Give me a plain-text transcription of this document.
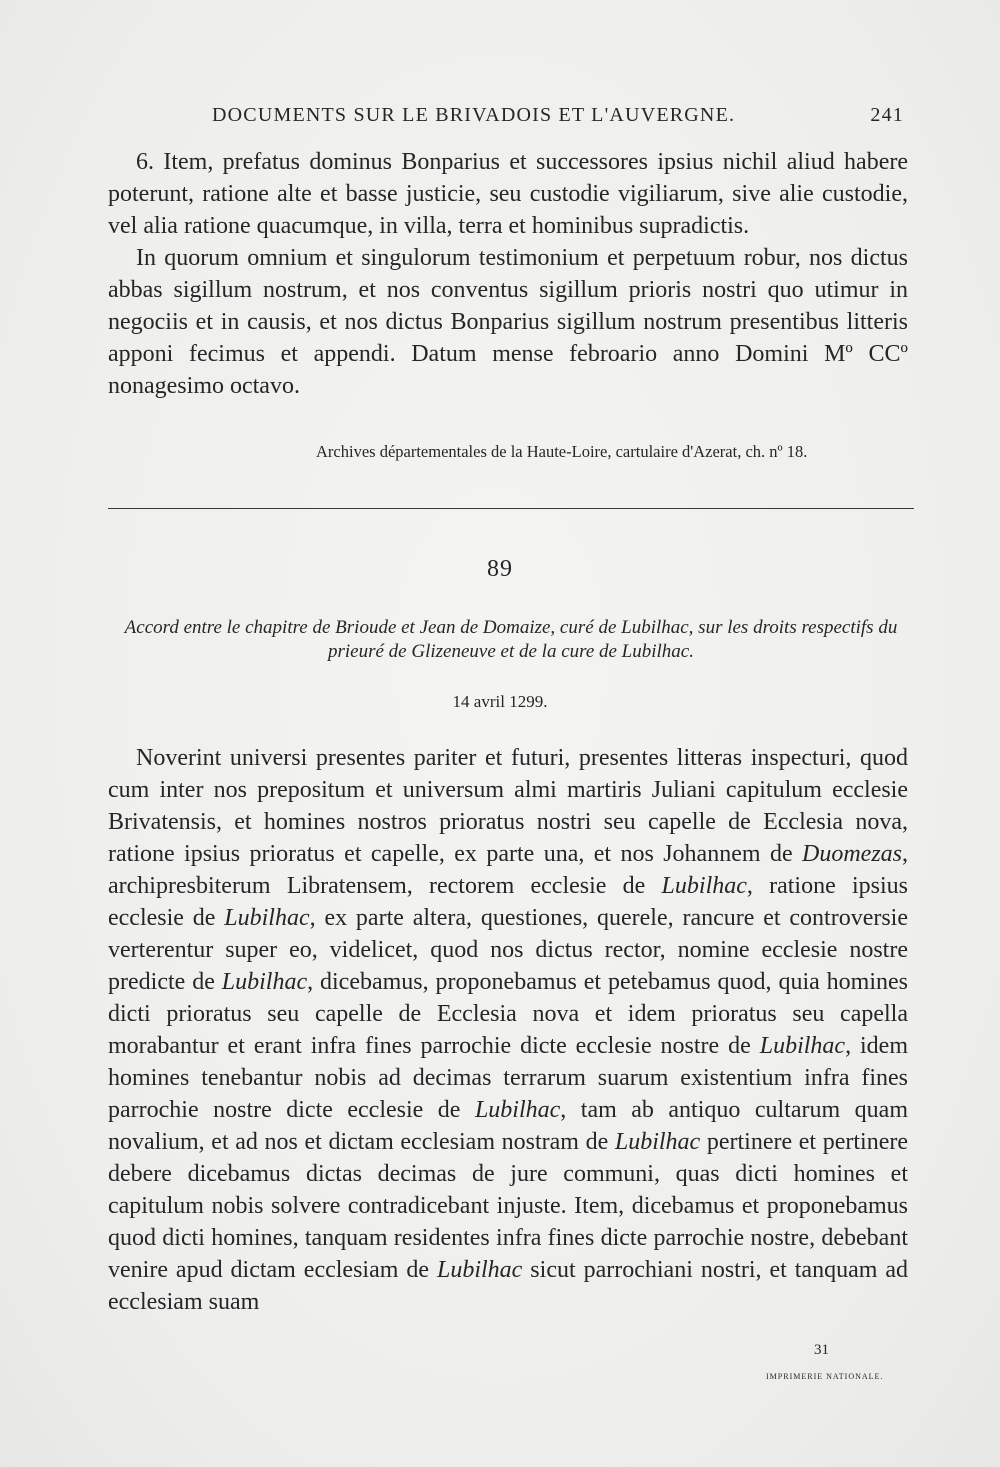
DOCUMENTS SUR LE BRIVADOIS ET L'AUVERGNE.	241

6. Item, prefatus dominus Bonparius et successores ipsius nichil aliud habere poterunt, ratione alte et basse justicie, seu custodie vigiliarum, sive alie custodie, vel alia ratione quacumque, in villa, terra et hominibus supradictis.

In quorum omnium et singulorum testimonium et perpetuum robur, nos dictus abbas sigillum nostrum, et nos conventus sigillum prioris nostri quo utimur in negociis et in causis, et nos dictus Bonparius sigillum nostrum presentibus litteris apponi fecimus et appendi. Datum mense febroario anno Domini Mº CCº nonagesimo octavo.

Archives départementales de la Haute-Loire, cartulaire d'Azerat, ch. nº 18.
89
Accord entre le chapitre de Brioude et Jean de Domaize, curé de Lubilhac, sur les droits respectifs du prieuré de Glizeneuve et de la cure de Lubilhac.
14 avril 1299.

Noverint universi presentes pariter et futuri, presentes litteras inspecturi, quod cum inter nos prepositum et universum almi martiris Juliani capitulum ecclesie Brivatensis, et homines nostros prioratus nostri seu capelle de Ecclesia nova, ratione ipsius prioratus et capelle, ex parte una, et nos Johannem de Duomezas, archipresbiterum Libratensem, rectorem ecclesie de Lubilhac, ratione ipsius ecclesie de Lubilhac, ex parte altera, questiones, querele, rancure et controversie verterentur super eo, videlicet, quod nos dictus rector, nomine ecclesie nostre predicte de Lubilhac, dicebamus, proponebamus et petebamus quod, quia homines dicti prioratus seu capelle de Ecclesia nova et idem prioratus seu capella morabantur et erant infra fines parrochie dicte ecclesie nostre de Lubilhac, idem homines tenebantur nobis ad decimas terrarum suarum existentium infra fines parrochie nostre dicte ecclesie de Lubilhac, tam ab antiquo cultarum quam novalium, et ad nos et dictam ecclesiam nostram de Lubilhac pertinere et pertinere debere dicebamus dictas decimas de jure communi, quas dicti homines et capitulum nobis solvere contradicebant injuste. Item, dicebamus et proponebamus quod dicti homines, tanquam residentes infra fines dicte parrochie nostre, debebant venire apud dictam ecclesiam de Lubilhac sicut parrochiani nostri, et tanquam ad ecclesiam suam

31
IMPRIMERIE NATIONALE.
